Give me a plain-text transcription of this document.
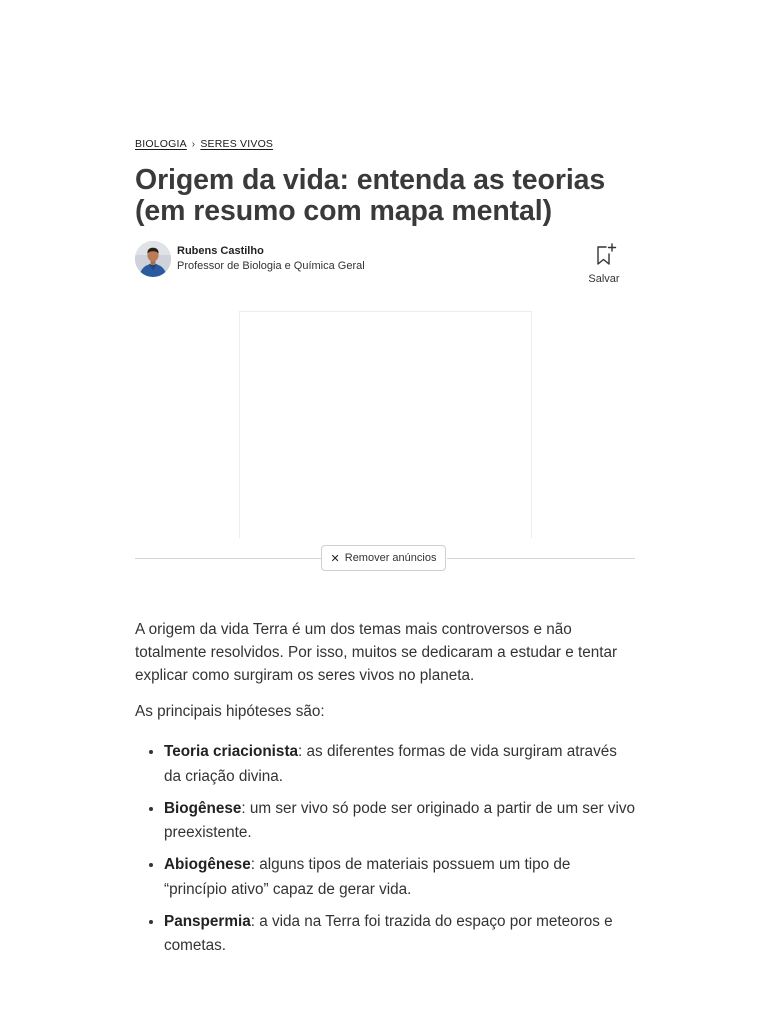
BIOLOGIA › SERES VIVOS
Origem da vida: entenda as teorias (em resumo com mapa mental)
Rubens Castilho
Professor de Biologia e Química Geral
Salvar
✕ Remover anúncios

A origem da vida Terra é um dos temas mais controversos e não totalmente resolvidos. Por isso, muitos se dedicaram a estudar e tentar explicar como surgiram os seres vivos no planeta.

As principais hipóteses são:

• Teoria criacionista: as diferentes formas de vida surgiram através da criação divina.
• Biogênese: um ser vivo só pode ser originado a partir de um ser vivo preexistente.
• Abiogênese: alguns tipos de materiais possuem um tipo de “princípio ativo” capaz de gerar vida.
• Panspermia: a vida na Terra foi trazida do espaço por meteoros e cometas.
